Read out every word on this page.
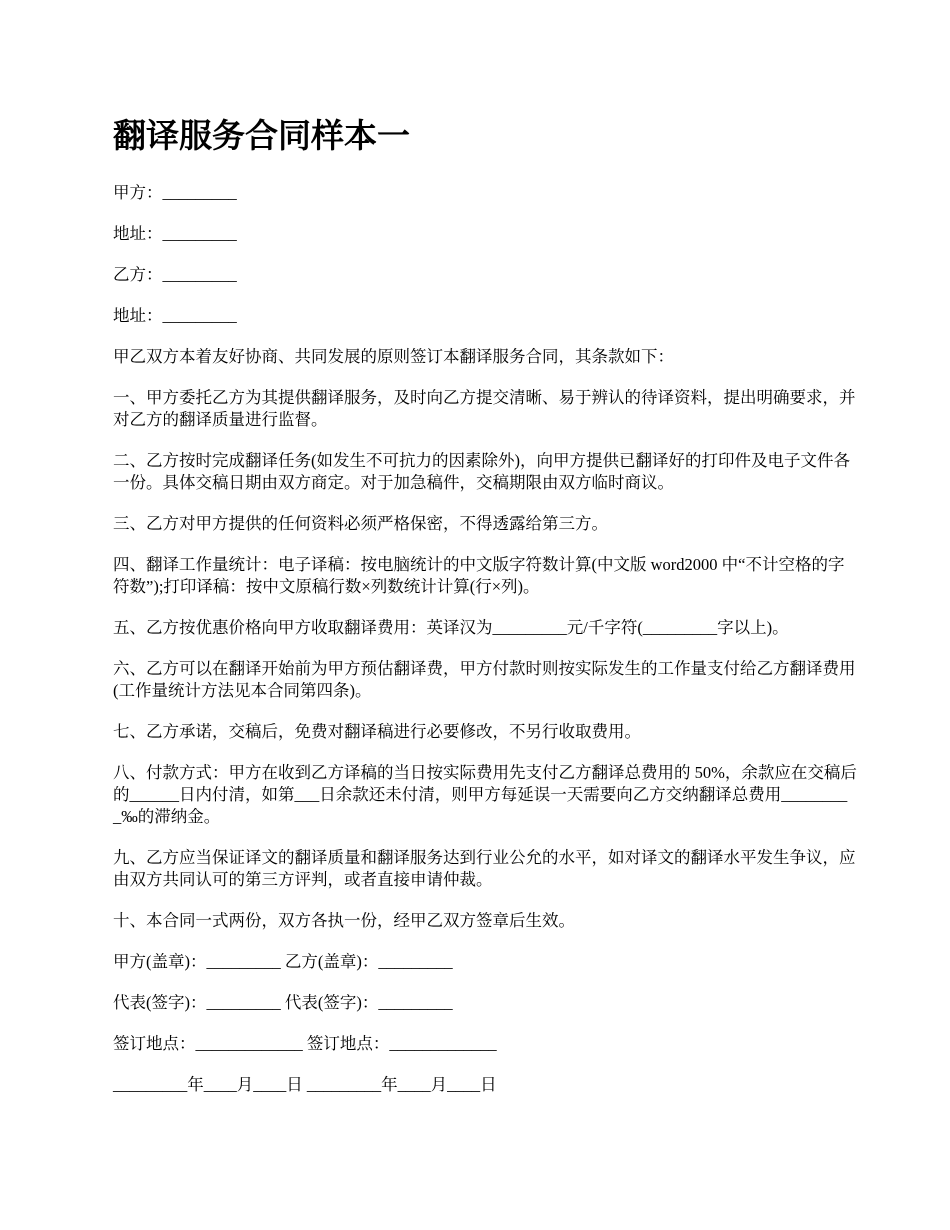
翻译服务合同样本一

甲方：_________

地址：_________

乙方：_________

地址：_________

甲乙双方本着友好协商、共同发展的原则签订本翻译服务合同，其条款如下：

一、甲方委托乙方为其提供翻译服务，及时向乙方提交清晰、易于辨认的待译资料，提出明确要求，并对乙方的翻译质量进行监督。

二、乙方按时完成翻译任务(如发生不可抗力的因素除外)，向甲方提供已翻译好的打印件及电子文件各一份。具体交稿日期由双方商定。对于加急稿件，交稿期限由双方临时商议。

三、乙方对甲方提供的任何资料必须严格保密，不得透露给第三方。

四、翻译工作量统计：电子译稿：按电脑统计的中文版字符数计算(中文版 word2000 中“不计空格的字符数”);打印译稿：按中文原稿行数×列数统计计算(行×列)。

五、乙方按优惠价格向甲方收取翻译费用：英译汉为_________元/千字符(_________字以上)。

六、乙方可以在翻译开始前为甲方预估翻译费，甲方付款时则按实际发生的工作量支付给乙方翻译费用(工作量统计方法见本合同第四条)。

七、乙方承诺，交稿后，免费对翻译稿进行必要修改，不另行收取费用。

八、付款方式：甲方在收到乙方译稿的当日按实际费用先支付乙方翻译总费用的 50%，余款应在交稿后的______日内付清，如第___日余款还未付清，则甲方每延误一天需要向乙方交纳翻译总费用_________‰的滞纳金。

九、乙方应当保证译文的翻译质量和翻译服务达到行业公允的水平，如对译文的翻译水平发生争议，应由双方共同认可的第三方评判，或者直接申请仲裁。

十、本合同一式两份，双方各执一份，经甲乙双方签章后生效。

甲方(盖章)：_________ 乙方(盖章)：_________

代表(签字)：_________ 代表(签字)：_________

签订地点：_____________ 签订地点：_____________

_________年____月____日 _________年____月____日
